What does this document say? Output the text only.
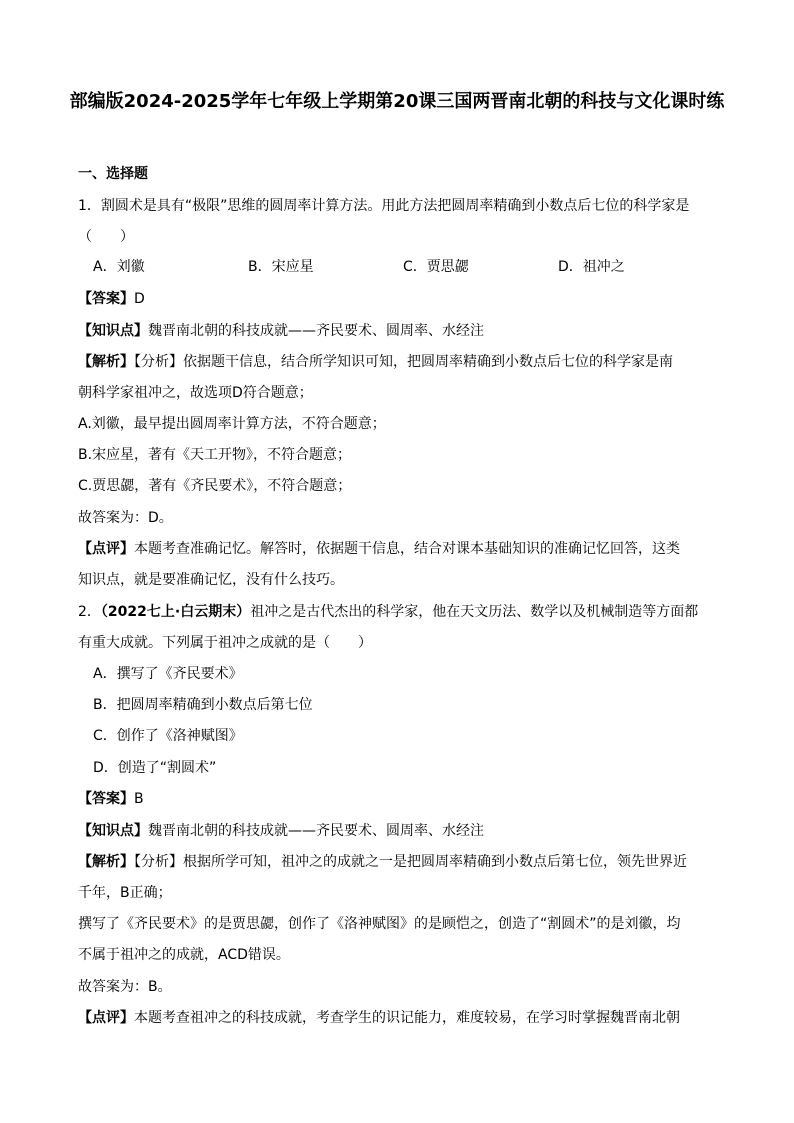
部编版2024-2025学年七年级上学期第20课三国两晋南北朝的科技与文化课时练
一、选择题
1．割圆术是具有“极限”思维的圆周率计算方法。用此方法把圆周率精确到小数点后七位的科学家是
（　　）
A．刘徽	B．宋应星	C．贾思勰	D．祖冲之
【答案】D
【知识点】魏晋南北朝的科技成就——齐民要术、圆周率、水经注
【解析】【分析】依据题干信息，结合所学知识可知，把圆周率精确到小数点后七位的科学家是南
朝科学家祖冲之，故选项D符合题意；
A.刘徽，最早提出圆周率计算方法，不符合题意；
B.宋应星，著有《天工开物》，不符合题意；
C.贾思勰，著有《齐民要术》，不符合题意；
故答案为：D。
【点评】本题考查准确记忆。解答时，依据题干信息，结合对课本基础知识的准确记忆回答，这类
知识点，就是要准确记忆，没有什么技巧。
2．（2022七上·白云期末）祖冲之是古代杰出的科学家，他在天文历法、数学以及机械制造等方面都
有重大成就。下列属于祖冲之成就的是（　　）
A．撰写了《齐民要术》
B．把圆周率精确到小数点后第七位
C．创作了《洛神赋图》
D．创造了“割圆术”
【答案】B
【知识点】魏晋南北朝的科技成就——齐民要术、圆周率、水经注
【解析】【分析】根据所学可知，祖冲之的成就之一是把圆周率精确到小数点后第七位，领先世界近
千年，B正确；
撰写了《齐民要术》的是贾思勰，创作了《洛神赋图》的是顾恺之，创造了“割圆术”的是刘徽，均
不属于祖冲之的成就，ACD错误。
故答案为：B。
【点评】本题考查祖冲之的科技成就，考查学生的识记能力，难度较易，在学习时掌握魏晋南北朝
